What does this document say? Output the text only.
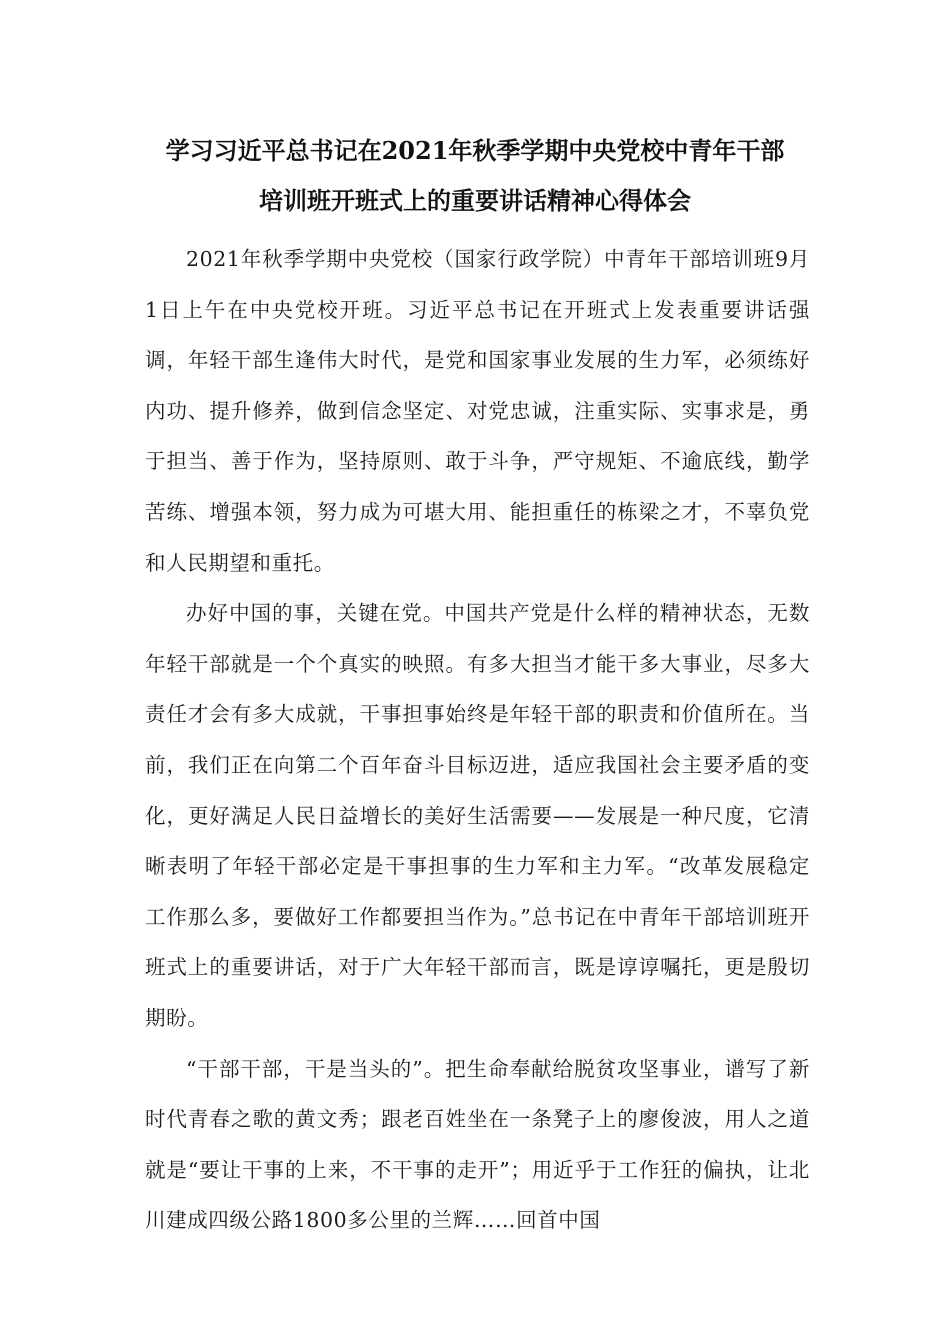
学习习近平总书记在2021年秋季学期中央党校中青年干部
培训班开班式上的重要讲话精神心得体会

2021年秋季学期中央党校（国家行政学院）中青年干部培训班9月1日上午在中央党校开班。习近平总书记在开班式上发表重要讲话强调，年轻干部生逢伟大时代，是党和国家事业发展的生力军，必须练好内功、提升修养，做到信念坚定、对党忠诚，注重实际、实事求是，勇于担当、善于作为，坚持原则、敢于斗争，严守规矩、不逾底线，勤学苦练、增强本领，努力成为可堪大用、能担重任的栋梁之才，不辜负党和人民期望和重托。

办好中国的事，关键在党。中国共产党是什么样的精神状态，无数年轻干部就是一个个真实的映照。有多大担当才能干多大事业，尽多大责任才会有多大成就，干事担事始终是年轻干部的职责和价值所在。当前，我们正在向第二个百年奋斗目标迈进，适应我国社会主要矛盾的变化，更好满足人民日益增长的美好生活需要——发展是一种尺度，它清晰表明了年轻干部必定是干事担事的生力军和主力军。“改革发展稳定工作那么多，要做好工作都要担当作为。”总书记在中青年干部培训班开班式上的重要讲话，对于广大年轻干部而言，既是谆谆嘱托，更是殷切期盼。

“干部干部，干是当头的”。把生命奉献给脱贫攻坚事业，谱写了新时代青春之歌的黄文秀；跟老百姓坐在一条凳子上的廖俊波，用人之道就是“要让干事的上来，不干事的走开”；用近乎于工作狂的偏执，让北川建成四级公路1800多公里的兰辉……回首中国
